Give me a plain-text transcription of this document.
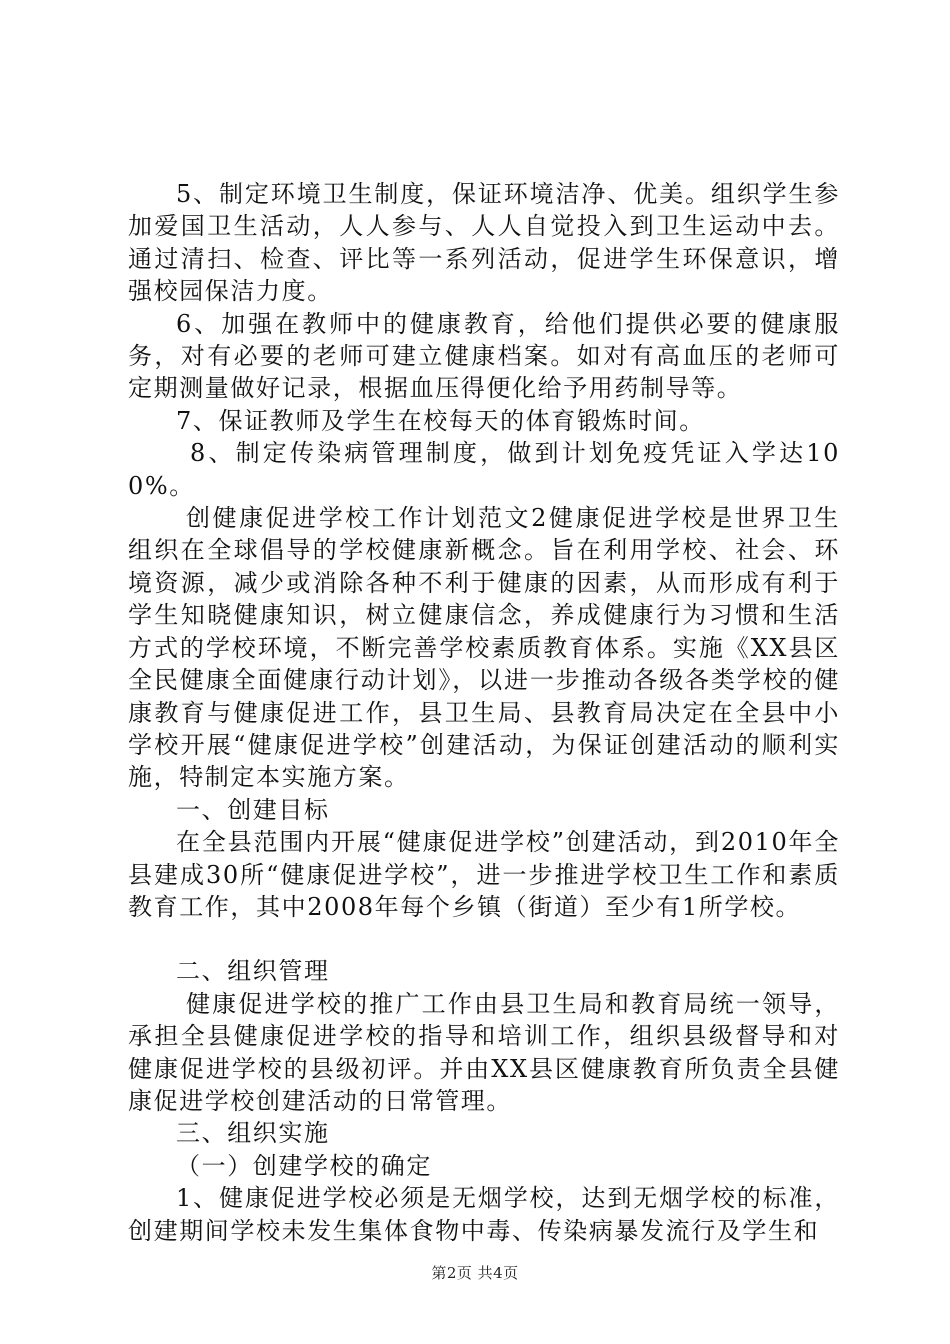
5、制定环境卫生制度，保证环境洁净、优美。组织学生参加爱国卫生活动，人人参与、人人自觉投入到卫生运动中去。通过清扫、检查、评比等一系列活动，促进学生环保意识，增强校园保洁力度。

6、加强在教师中的健康教育，给他们提供必要的健康服务，对有必要的老师可建立健康档案。如对有高血压的老师可定期测量做好记录，根据血压得便化给予用药制导等。

7、保证教师及学生在校每天的体育锻炼时间。

8、制定传染病管理制度，做到计划免疫凭证入学达100%。

创健康促进学校工作计划范文2健康促进学校是世界卫生组织在全球倡导的学校健康新概念。旨在利用学校、社会、环境资源，减少或消除各种不利于健康的因素，从而形成有利于学生知晓健康知识，树立健康信念，养成健康行为习惯和生活方式的学校环境，不断完善学校素质教育体系。实施《XX县区全民健康全面健康行动计划》，以进一步推动各级各类学校的健康教育与健康促进工作，县卫生局、县教育局决定在全县中小学校开展“健康促进学校”创建活动，为保证创建活动的顺利实施，特制定本实施方案。

一、创建目标

在全县范围内开展“健康促进学校”创建活动，到2010年全县建成30所“健康促进学校”，进一步推进学校卫生工作和素质教育工作，其中2008年每个乡镇（街道）至少有1所学校。

二、组织管理

健康促进学校的推广工作由县卫生局和教育局统一领导，承担全县健康促进学校的指导和培训工作，组织县级督导和对健康促进学校的县级初评。并由XX县区健康教育所负责全县健康促进学校创建活动的日常管理。

三、组织实施

（一）创建学校的确定

1、健康促进学校必须是无烟学校，达到无烟学校的标准，创建期间学校未发生集体食物中毒、传染病暴发流行及学生和

第2页 共4页
